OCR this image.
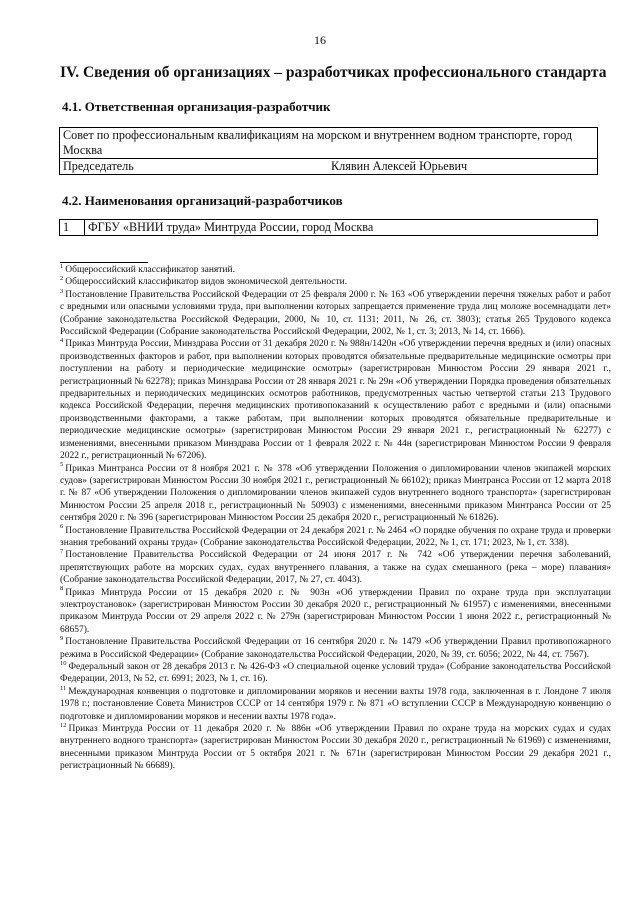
16
IV. Сведения об организациях – разработчиках профессионального стандарта
4.1. Ответственная организация-разработчик
Совет по профессиональным квалификациям на морском и внутреннем водном транспорте, город Москва
Председатель	Клявин Алексей Юрьевич
4.2. Наименования организаций-разработчиков
1	ФГБУ «ВНИИ труда» Минтруда России, город Москва

$^1$ Общероссийский классификатор занятий.

$^2$ Общероссийский классификатор видов экономической деятельности.

$^3$ Постановление Правительства Российской Федерации от 25 февраля 2000 г. № 163 «Об утверждении перечня тяжелых работ и работ с вредными или опасными условиями труда, при выполнении которых запрещается применение труда лиц моложе восемнадцати лет» (Собрание законодательства Российской Федерации, 2000, № 10, ст. 1131; 2011, № 26, ст. 3803); статья 265 Трудового кодекса Российской Федерации (Собрание законодательства Российской Федерации, 2002, № 1, ст. 3; 2013, № 14, ст. 1666).

$^4$ Приказ Минтруда России, Минздрава России от 31 декабря 2020 г. № 988н/1420н «Об утверждении перечня вредных и (или) опасных производственных факторов и работ, при выполнении которых проводятся обязательные предварительные медицинские осмотры при поступлении на работу и периодические медицинские осмотры» (зарегистрирован Минюстом России 29 января 2021 г., регистрационный № 62278); приказ Минздрава России от 28 января 2021 г. № 29н «Об утверждении Порядка проведения обязательных предварительных и периодических медицинских осмотров работников, предусмотренных частью четвертой статьи 213 Трудового кодекса Российской Федерации, перечня медицинских противопоказаний к осуществлению работ с вредными и (или) опасными производственными факторами, а также работам, при выполнении которых проводятся обязательные предварительные и периодические медицинские осмотры» (зарегистрирован Минюстом России 29 января 2021 г., регистрационный № 62277) с изменениями, внесенными приказом Минздрава России от 1 февраля 2022 г. № 44н (зарегистрирован Минюстом России 9 февраля 2022 г., регистрационный № 67206).

$^5$ Приказ Минтранса России от 8 ноября 2021 г. № 378 «Об утверждении Положения о дипломировании членов экипажей морских судов» (зарегистрирован Минюстом России 30 ноября 2021 г., регистрационный № 66102); приказ Минтранса России от 12 марта 2018 г. № 87 «Об утверждении Положения о дипломировании членов экипажей судов внутреннего водного транспорта» (зарегистрирован Минюстом России 25 апреля 2018 г., регистрационный № 50903) с изменениями, внесенными приказом Минтранса России от 25 сентября 2020 г. № 396 (зарегистрирован Минюстом России 25 декабря 2020 г., регистрационный № 61826).

$^6$ Постановление Правительства Российской Федерации от 24 декабря 2021 г. № 2464 «О порядке обучения по охране труда и проверки знания требований охраны труда» (Собрание законодательства Российской Федерации, 2022, № 1, ст. 171; 2023, № 1, ст. 338).

$^7$ Постановление Правительства Российской Федерации от 24 июня 2017 г. № 742 «Об утверждении перечня заболеваний, препятствующих работе на морских судах, судах внутреннего плавания, а также на судах смешанного (река – море) плавания» (Собрание законодательства Российской Федерации, 2017, № 27, ст. 4043).

$^8$ Приказ Минтруда России от 15 декабря 2020 г. № 903н «Об утверждении Правил по охране труда при эксплуатации электроустановок» (зарегистрирован Минюстом России 30 декабря 2020 г., регистрационный № 61957) с изменениями, внесенными приказом Минтруда России от 29 апреля 2022 г. № 279н (зарегистрирован Минюстом России 1 июня 2022 г., регистрационный № 68657).

$^9$ Постановление Правительства Российской Федерации от 16 сентября 2020 г. № 1479 «Об утверждении Правил противопожарного режима в Российской Федерации» (Собрание законодательства Российской Федерации, 2020, № 39, ст. 6056; 2022, № 44, ст. 7567).

$^{10}$ Федеральный закон от 28 декабря 2013 г. № 426-ФЗ «О специальной оценке условий труда» (Собрание законодательства Российской Федерации, 2013, № 52, ст. 6991; 2023, № 1, ст. 16).

$^{11}$ Международная конвенция о подготовке и дипломировании моряков и несении вахты 1978 года, заключенная в г. Лондоне 7 июля 1978 г.; постановление Совета Министров СССР от 14 сентября 1979 г. № 871 «О вступлении СССР в Международную конвенцию о подготовке и дипломировании моряков и несении вахты 1978 года».

$^{12}$ Приказ Минтруда России от 11 декабря 2020 г. № 886н «Об утверждении Правил по охране труда на морских судах и судах внутреннего водного транспорта» (зарегистрирован Минюстом России 30 декабря 2020 г., регистрационный № 61969) с изменениями, внесенными приказом Минтруда России от 5 октября 2021 г. № 671н (зарегистрирован Минюстом России 29 декабря 2021 г., регистрационный № 66689).
